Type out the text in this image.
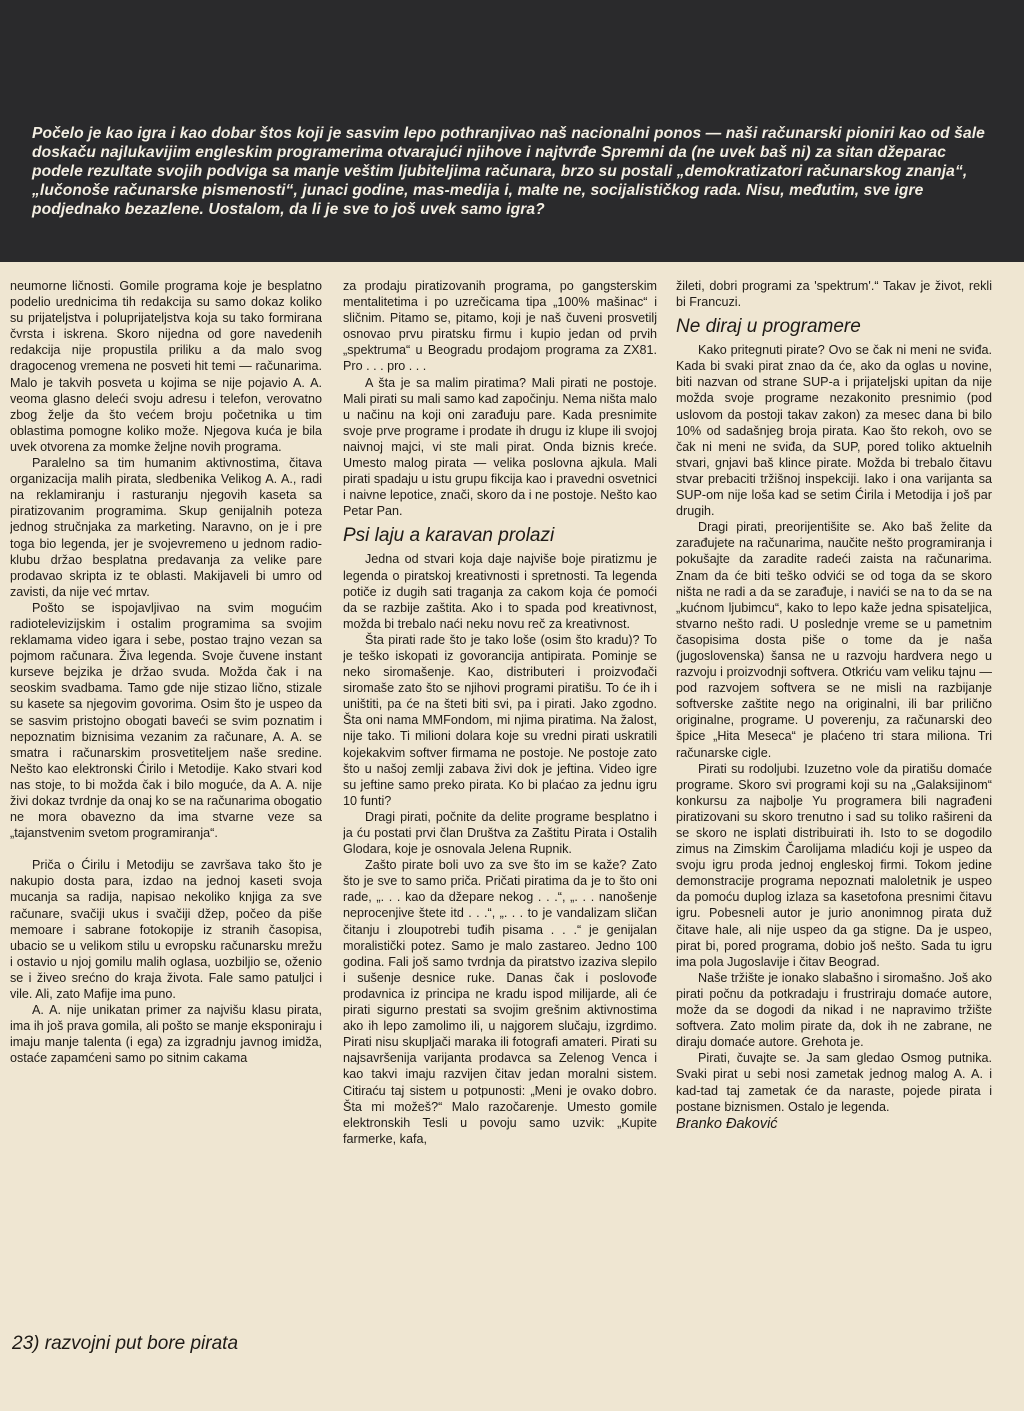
Počelo je kao igra i kao dobar štos koji je sasvim lepo pothranjivao naš nacionalni ponos — naši računarski pioniri kao od šale doskaču najlukavijim engleskim programerima otvarajući njihove i najtvrđe Spremni da (ne uvek baš ni) za sitan džeparac podele rezultate svojih podviga sa manje veštim ljubiteljima računara, brzo su postali „demokratizatori računarskog znanja“, „lučonoše računarske pismenosti“, junaci godine, mas-medija i, malte ne, socijalističkog rada. Nisu, međutim, sve igre podjednako bezazlene. Uostalom, da li je sve to još uvek samo igra?

neumorne ličnosti. Gomile programa koje je besplatno podelio urednicima tih redakcija su samo dokaz koliko su prijateljstva i poluprijateljstva koja su tako formirana čvrsta i iskrena. Skoro nijedna od gore navedenih redakcija nije propustila priliku a da malo svog dragocenog vremena ne posveti hit temi — računarima. Malo je takvih posveta u kojima se nije pojavio A. A. veoma glasno deleći svoju adresu i telefon, verovatno zbog želje da što većem broju početnika u tim oblastima pomogne koliko može. Njegova kuća je bila uvek otvorena za momke željne novih programa.

Paralelno sa tim humanim aktivnostima, čitava organizacija malih pirata, sledbenika Velikog A. A., radi na reklamiranju i rasturanju njegovih kaseta sa piratizovanim programima. Skup genijalnih poteza jednog stručnjaka za marketing. Naravno, on je i pre toga bio legenda, jer je svojevremeno u jednom radio-klubu držao besplatna predavanja za velike pare prodavao skripta iz te oblasti. Makijaveli bi umro od zavisti, da nije već mrtav.

Pošto se ispojavljivao na svim mogućim radiotelevizijskim i ostalim programima sa svojim reklamama video igara i sebe, postao trajno vezan sa pojmom računara. Živa legenda. Svoje čuvene instant kurseve bejzika je držao svuda. Možda čak i na seoskim svadbama. Tamo gde nije stizao lično, stizale su kasete sa njegovim govorima. Osim što je uspeo da se sasvim pristojno obogati baveći se svim poznatim i nepoznatim biznisima vezanim za računare, A. A. se smatra i računarskim prosvetiteljem naše sredine. Nešto kao elektronski Ćirilo i Metodije. Kako stvari kod nas stoje, to bi možda čak i bilo moguće, da A. A. nije živi dokaz tvrdnje da onaj ko se na računarima obogatio ne mora obavezno da ima stvarne veze sa „tajanstvenim svetom programiranja“.

Priča o Ćirilu i Metodiju se završava tako što je nakupio dosta para, izdao na jednoj kaseti svoja mucanja sa radija, napisao nekoliko knjiga za sve računare, svačiji ukus i svačiji džep, počeo da piše memoare i sabrane fotokopije iz stranih časopisa, ubacio se u velikom stilu u evropsku računarsku mrežu i ostavio u njoj gomilu malih oglasa, uozbiljio se, oženio se i živeo srećno do kraja života. Fale samo patuljci i vile. Ali, zato Mafije ima puno.

A. A. nije unikatan primer za najvišu klasu pirata, ima ih još prava gomila, ali pošto se manje eksponiraju i imaju manje talenta (i ega) za izgradnju javnog imidža, ostaće zapamćeni samo po sitnim cakama

za prodaju piratizovanih programa, po gangsterskim mentalitetima i po uzrečicama tipa „100% mašinac“ i sličnim. Pitamo se, pitamo, koji je naš čuveni prosvetilj osnovao prvu piratsku firmu i kupio jedan od prvih „spektruma“ u Beogradu prodajom programa za ZX81. Pro . . . pro . . .

A šta je sa malim piratima? Mali pirati ne postoje. Mali pirati su mali samo kad započinju. Nema ništa malo u načinu na koji oni zarađuju pare. Kada presnimite svoje prve programe i prodate ih drugu iz klupe ili svojoj naivnoj majci, vi ste mali pirat. Onda biznis kreće. Umesto malog pirata — velika poslovna ajkula. Mali pirati spadaju u istu grupu fikcija kao i pravedni osvetnici i naivne lepotice, znači, skoro da i ne postoje. Nešto kao Petar Pan.

Psi laju a karavan prolazi

Jedna od stvari koja daje najviše boje piratizmu je legenda o piratskoj kreativnosti i spretnosti. Ta legenda potiče iz dugih sati traganja za cakom koja će pomoći da se razbije zaštita. Ako i to spada pod kreativnost, možda bi trebalo naći neku novu reč za kreativnost.

Šta pirati rade što je tako loše (osim što kradu)? To je teško iskopati iz govorancija antipirata. Pominje se neko siromašenje. Kao, distributeri i proizvođači siromaše zato što se njihovi programi piratišu. To će ih i uništiti, pa će na šteti biti svi, pa i pirati. Jako zgodno. Šta oni nama MMFondom, mi njima piratima. Na žalost, nije tako. Ti milioni dolara koje su vredni pirati uskratili kojekakvim softver firmama ne postoje. Ne postoje zato što u našoj zemlji zabava živi dok je jeftina. Video igre su jeftine samo preko pirata. Ko bi plaćao za jednu igru 10 funti?

Dragi pirati, počnite da delite programe besplatno i ja ću postati prvi član Društva za Zaštitu Pirata i Ostalih Glodara, koje je osnovala Jelena Rupnik.

Zašto pirate boli uvo za sve što im se kaže? Zato što je sve to samo priča. Pričati piratima da je to što oni rade, „. . . kao da džepare nekog . . .“, „. . . nanošenje neprocenjive štete itd . . .“, „. . . to je vandalizam sličan čitanju i zloupotrebi tuđih pisama . . .“ je genijalan moralistički potez. Samo je malo zastareo. Jedno 100 godina. Fali još samo tvrdnja da piratstvo izaziva slepilo i sušenje desnice ruke. Danas čak i poslovođe prodavnica iz principa ne kradu ispod milijarde, ali će pirati sigurno prestati sa svojim grešnim aktivnostima ako ih lepo zamolimo ili, u najgorem slučaju, izgrdimo. Pirati nisu skupljači maraka ili fotografi amateri. Pirati su najsavršenija varijanta prodavca sa Zelenog Venca i kao takvi imaju razvijen čitav jedan moralni sistem. Citiraću taj sistem u potpunosti: „Meni je ovako dobro. Šta mi možeš?“ Malo razočarenje. Umesto gomile elektronskih Tesli u povoju samo uzvik: „Kupite farmerke, kafa,

žileti, dobri programi za 'spektrum'.“ Takav je život, rekli bi Francuzi.

Ne diraj u programere

Kako pritegnuti pirate? Ovo se čak ni meni ne sviđa. Kada bi svaki pirat znao da će, ako da oglas u novine, biti nazvan od strane SUP-a i prijateljski upitan da nije možda svoje programe nezakonito presnimio (pod uslovom da postoji takav zakon) za mesec dana bi bilo 10% od sadašnjeg broja pirata. Kao što rekoh, ovo se čak ni meni ne sviđa, da SUP, pored toliko aktuelnih stvari, gnjavi baš klince pirate. Možda bi trebalo čitavu stvar prebaciti tržišnoj inspekciji. Iako i ona varijanta sa SUP-om nije loša kad se setim Ćirila i Metodija i još par drugih.

Dragi pirati, preorijentišite se. Ako baš želite da zarađujete na računarima, naučite nešto programiranja i pokušajte da zaradite radeći zaista na računarima. Znam da će biti teško odvići se od toga da se skoro ništa ne radi a da se zarađuje, i navići se na to da se na „kućnom ljubimcu“, kako to lepo kaže jedna spisateljica, stvarno nešto radi. U poslednje vreme se u pametnim časopisima dosta piše o tome da je naša (jugoslovenska) šansa ne u razvoju hardvera nego u razvoju i proizvodnji softvera. Otkriću vam veliku tajnu — pod razvojem softvera se ne misli na razbijanje softverske zaštite nego na originalni, ili bar prilično originalne, programe. U poverenju, za računarski deo špice „Hita Meseca“ je plaćeno tri stara miliona. Tri računarske cigle.

Pirati su rodoljubi. Izuzetno vole da piratišu domaće programe. Skoro svi programi koji su na „Galaksijinom“ konkursu za najbolje Yu programera bili nagrađeni piratizovani su skoro trenutno i sad su toliko rašireni da se skoro ne isplati distribuirati ih. Isto to se dogodilo zimus na Zimskim Čarolijama mladiću koji je uspeo da svoju igru proda jednoj engleskoj firmi. Tokom jedine demonstracije programa nepoznati maloletnik je uspeo da pomoću duplog izlaza sa kasetofona presnimi čitavu igru. Pobesneli autor je jurio anonimnog pirata duž čitave hale, ali nije uspeo da ga stigne. Da je uspeo, pirat bi, pored programa, dobio još nešto. Sada tu igru ima pola Jugoslavije i čitav Beograd.

Naše tržište je ionako slabašno i siromašno. Još ako pirati počnu da potkradaju i frustriraju domaće autore, može da se dogodi da nikad i ne napravimo tržište softvera. Zato molim pirate da, dok ih ne zabrane, ne diraju domaće autore. Grehota je.

Pirati, čuvajte se. Ja sam gledao Osmog putnika. Svaki pirat u sebi nosi zametak jednog malog A. A. i kad-tad taj zametak će da naraste, pojede pirata i postane biznismen. Ostalo je legenda.

Branko Đaković

23) razvojni put bore pirata
